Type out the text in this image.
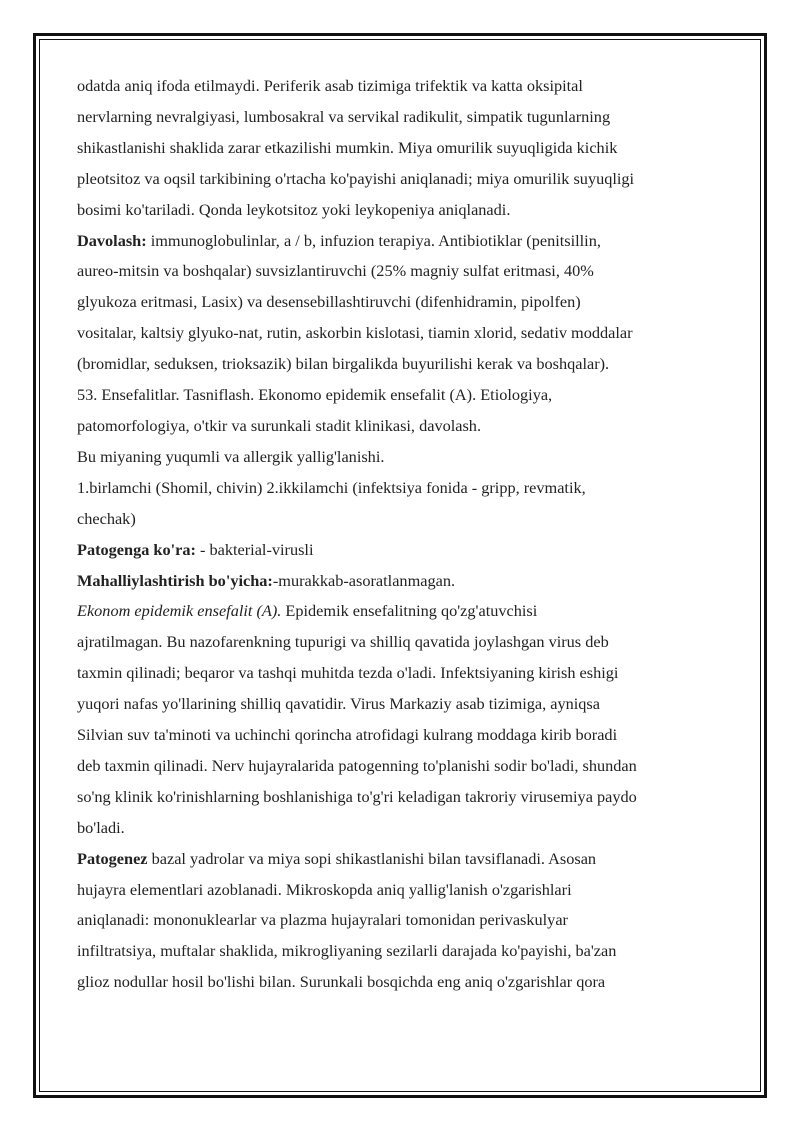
odatda aniq ifoda etilmaydi. Periferik asab tizimiga trifektik va katta oksipital
nervlarning nevralgiyasi, lumbosakral va servikal radikulit, simpatik tugunlarning
shikastlanishi shaklida zarar etkazilishi mumkin. Miya omurilik suyuqligida kichik
pleotsitoz va oqsil tarkibining o'rtacha ko'payishi aniqlanadi; miya omurilik suyuqligi
bosimi ko'tariladi. Qonda leykotsitoz yoki leykopeniya aniqlanadi.
Davolash: immunoglobulinlar, a / b, infuzion terapiya. Antibiotiklar (penitsillin,
aureo-mitsin va boshqalar) suvsizlantiruvchi (25% magniy sulfat eritmasi, 40%
glyukoza eritmasi, Lasix) va desensebillashtiruvchi (difenhidramin, pipolfen)
vositalar, kaltsiy glyuko-nat, rutin, askorbin kislotasi, tiamin xlorid, sedativ moddalar
(bromidlar, seduksen, trioksazik) bilan birgalikda buyurilishi kerak va boshqalar).
53. Ensefalitlar. Tasniflash. Ekonomo epidemik ensefalit (A). Etiologiya,
patomorfologiya, o'tkir va surunkali stadit klinikasi, davolash.
Bu miyaning yuqumli va allergik yallig'lanishi.
1.birlamchi (Shomil, chivin) 2.ikkilamchi (infektsiya fonida - gripp, revmatik,
chechak)
Patogenga ko'ra: - bakterial-virusli
Mahalliylashtirish bo'yicha:-murakkab-asoratlanmagan.
Ekonom epidemik ensefalit (A). Epidemik ensefalitning qo'zg'atuvchisi
ajratilmagan. Bu nazofarenkning tupurigi va shilliq qavatida joylashgan virus deb
taxmin qilinadi; beqaror va tashqi muhitda tezda o'ladi. Infektsiyaning kirish eshigi
yuqori nafas yo'llarining shilliq qavatidir. Virus Markaziy asab tizimiga, ayniqsa
Silvian suv ta'minoti va uchinchi qorincha atrofidagi kulrang moddaga kirib boradi
deb taxmin qilinadi. Nerv hujayralarida patogenning to'planishi sodir bo'ladi, shundan
so'ng klinik ko'rinishlarning boshlanishiga to'g'ri keladigan takroriy virusemiya paydo
bo'ladi.
Patogenez bazal yadrolar va miya sopi shikastlanishi bilan tavsiflanadi. Asosan
hujayra elementlari azoblanadi. Mikroskopda aniq yallig'lanish o'zgarishlari
aniqlanadi: mononuklearlar va plazma hujayralari tomonidan perivaskulyar
infiltratsiya, muftalar shaklida, mikrogliyaning sezilarli darajada ko'payishi, ba'zan
glioz nodullar hosil bo'lishi bilan. Surunkali bosqichda eng aniq o'zgarishlar qora
